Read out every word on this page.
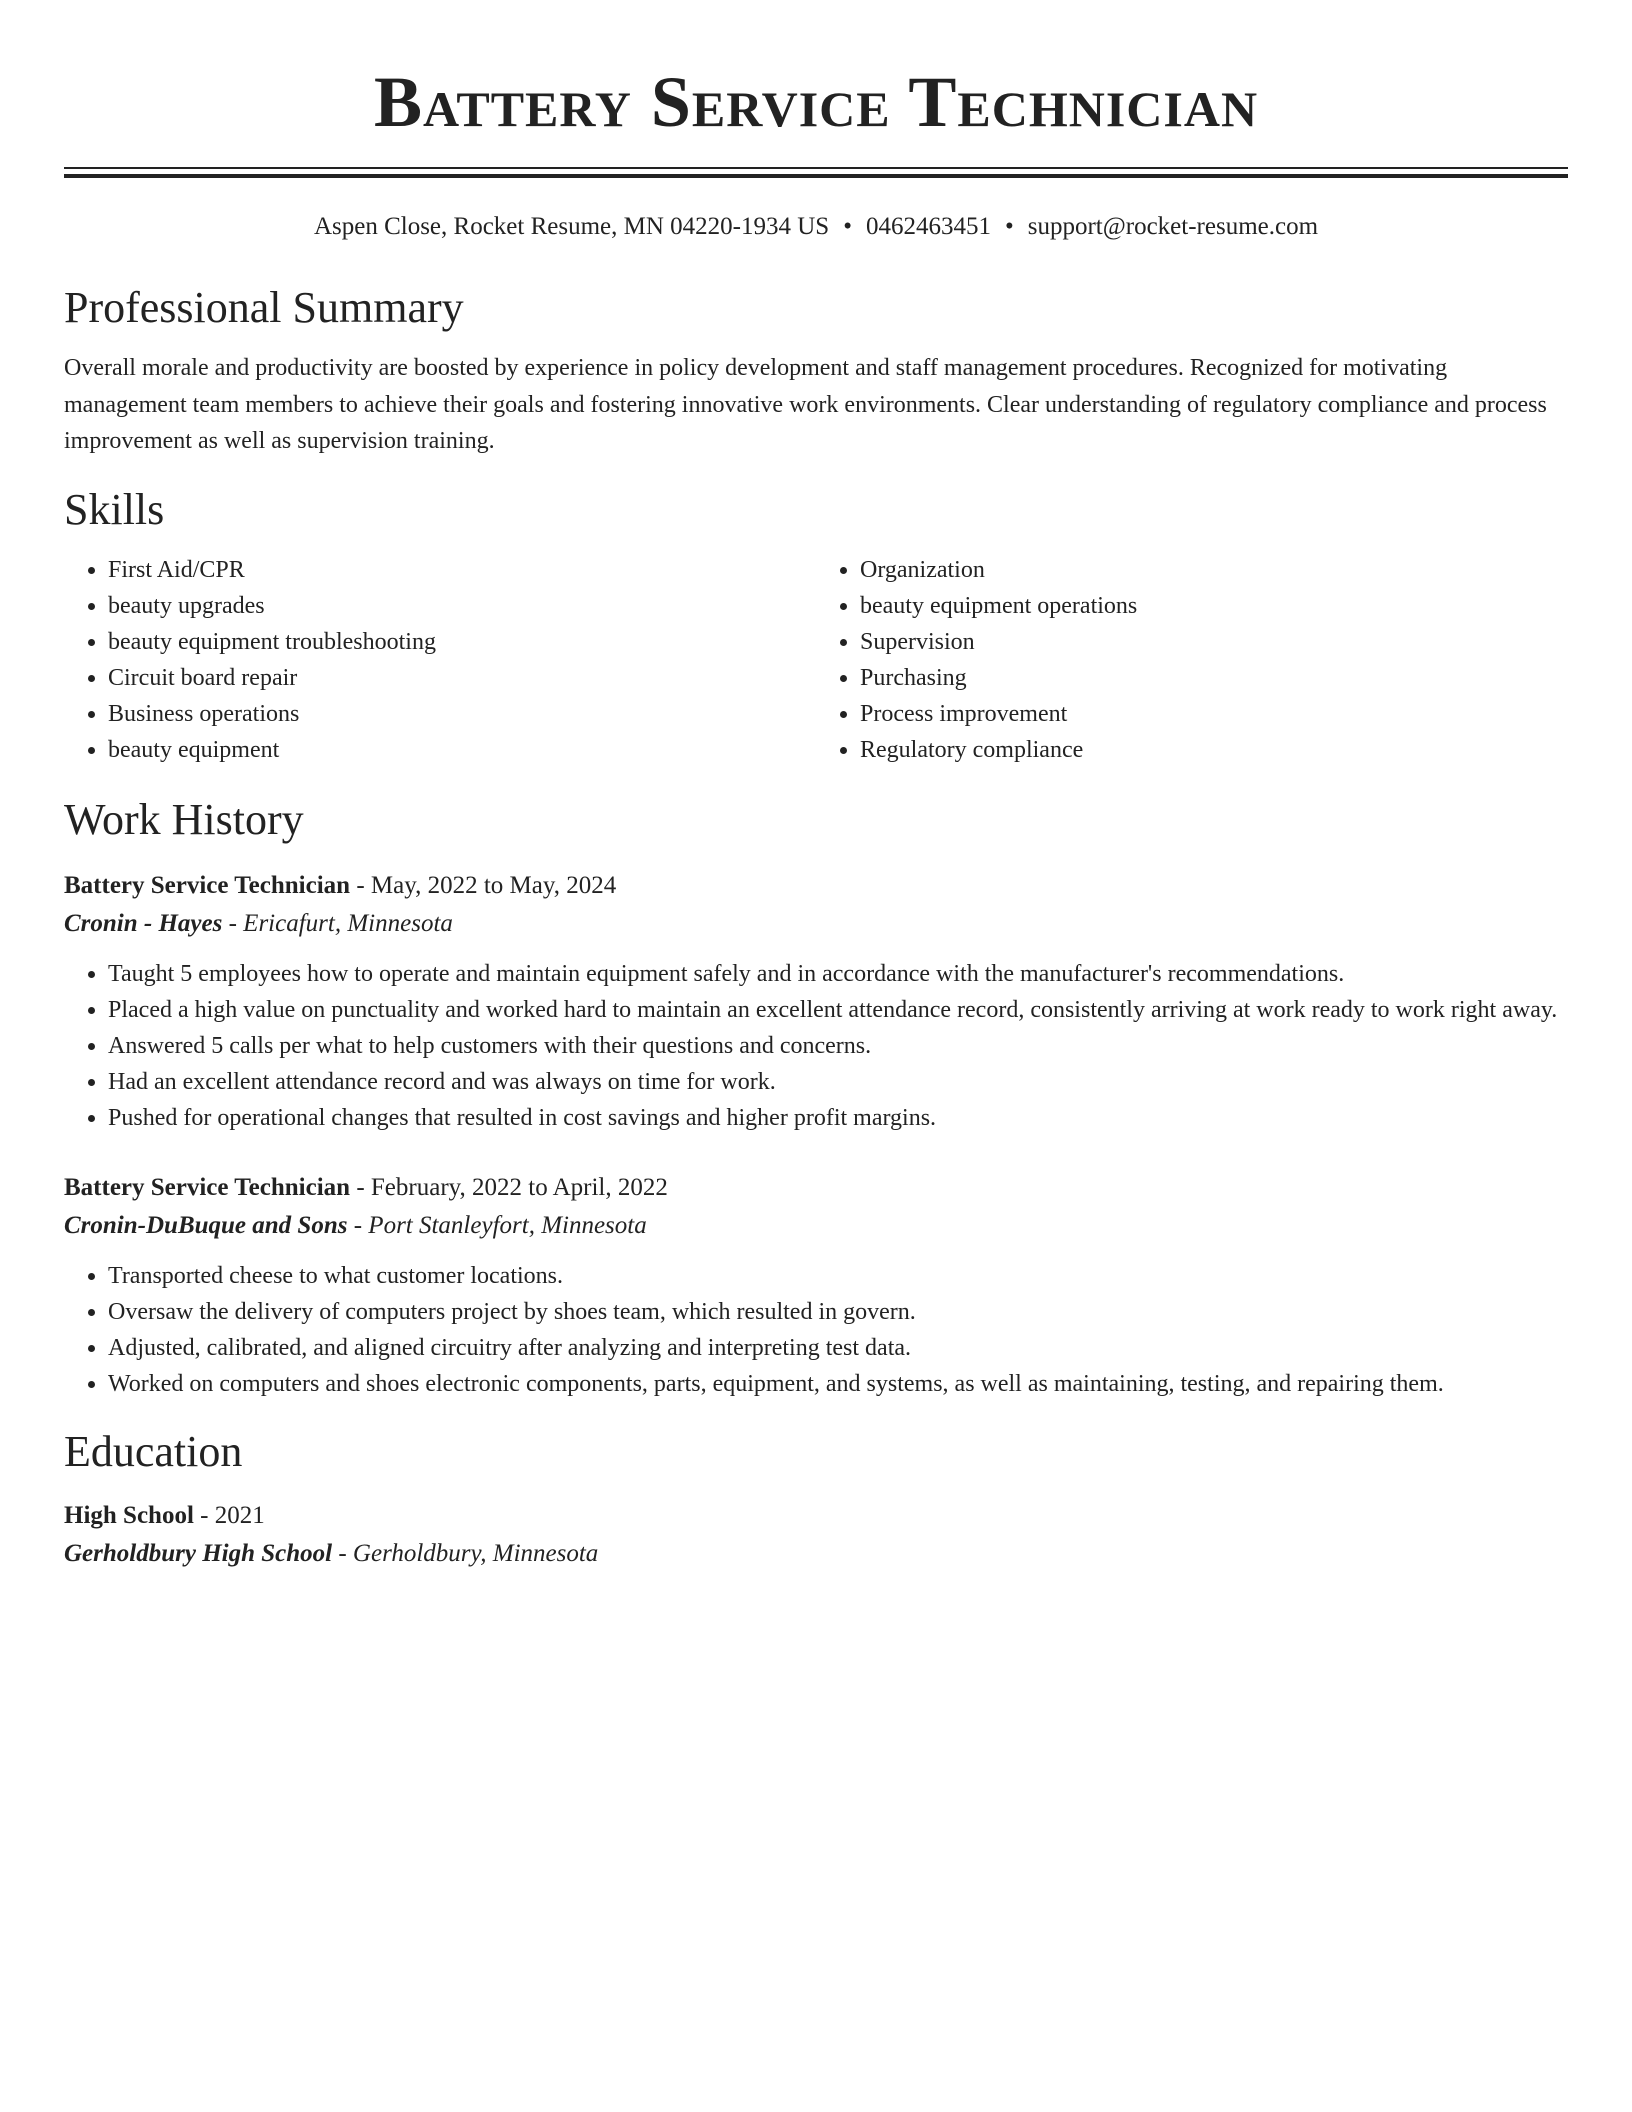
Battery Service Technician
Aspen Close, Rocket Resume, MN 04220-1934 US • 0462463451 • support@rocket-resume.com
Professional Summary

Overall morale and productivity are boosted by experience in policy development and staff management procedures. Recognized for motivating management team members to achieve their goals and fostering innovative work environments. Clear understanding of regulatory compliance and process improvement as well as supervision training.

Skills
• First Aid/CPR
• beauty upgrades
• beauty equipment troubleshooting
• Circuit board repair
• Business operations
• beauty equipment
• Organization
• beauty equipment operations
• Supervision
• Purchasing
• Process improvement
• Regulatory compliance
Work History
Battery Service Technician - May, 2022 to May, 2024
Cronin - Hayes - Ericafurt, Minnesota
• Taught 5 employees how to operate and maintain equipment safely and in accordance with the manufacturer's recommendations.
• Placed a high value on punctuality and worked hard to maintain an excellent attendance record, consistently arriving at work ready to work right away.
• Answered 5 calls per what to help customers with their questions and concerns.
• Had an excellent attendance record and was always on time for work.
• Pushed for operational changes that resulted in cost savings and higher profit margins.
Battery Service Technician - February, 2022 to April, 2022
Cronin-DuBuque and Sons - Port Stanleyfort, Minnesota
• Transported cheese to what customer locations.
• Oversaw the delivery of computers project by shoes team, which resulted in govern.
• Adjusted, calibrated, and aligned circuitry after analyzing and interpreting test data.
• Worked on computers and shoes electronic components, parts, equipment, and systems, as well as maintaining, testing, and repairing them.
Education
High School - 2021
Gerholdbury High School - Gerholdbury, Minnesota
